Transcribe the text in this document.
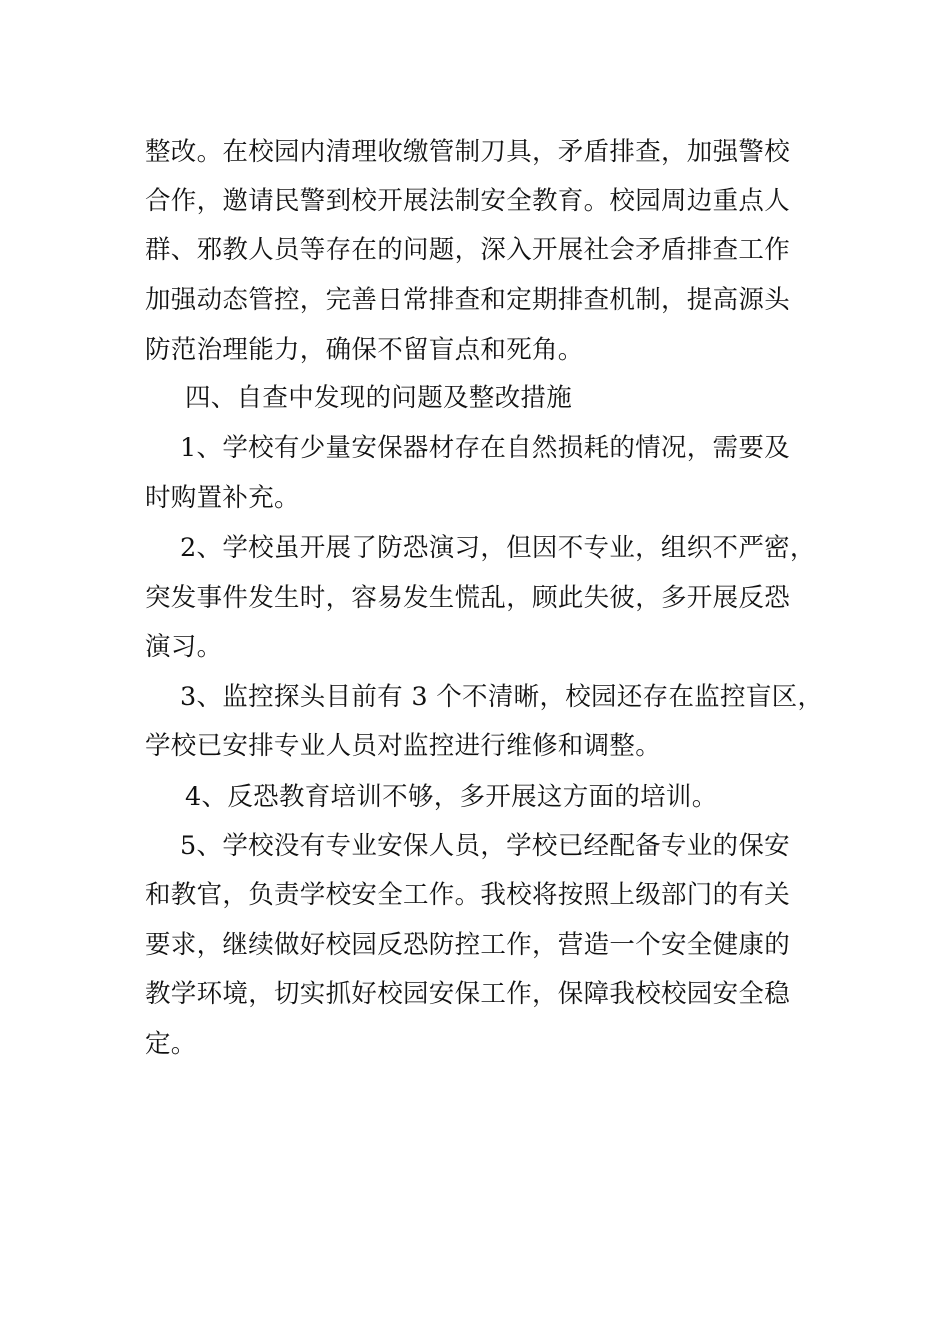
整改。在校园内清理收缴管制刀具，矛盾排查，加强警校
合作，邀请民警到校开展法制安全教育。校园周边重点人
群、邪教人员等存在的问题，深入开展社会矛盾排查工作
加强动态管控，完善日常排查和定期排查机制，提高源头
防范治理能力，确保不留盲点和死角。
四、自查中发现的问题及整改措施
1、学校有少量安保器材存在自然损耗的情况，需要及
时购置补充。
2、学校虽开展了防恐演习，但因不专业，组织不严密，
突发事件发生时，容易发生慌乱，顾此失彼，多开展反恐
演习。
3、监控探头目前有 3 个不清晰，校园还存在监控盲区，
学校已安排专业人员对监控进行维修和调整。
4、反恐教育培训不够，多开展这方面的培训。
5、学校没有专业安保人员，学校已经配备专业的保安
和教官，负责学校安全工作。我校将按照上级部门的有关
要求，继续做好校园反恐防控工作，营造一个安全健康的
教学环境，切实抓好校园安保工作，保障我校校园安全稳
定。
